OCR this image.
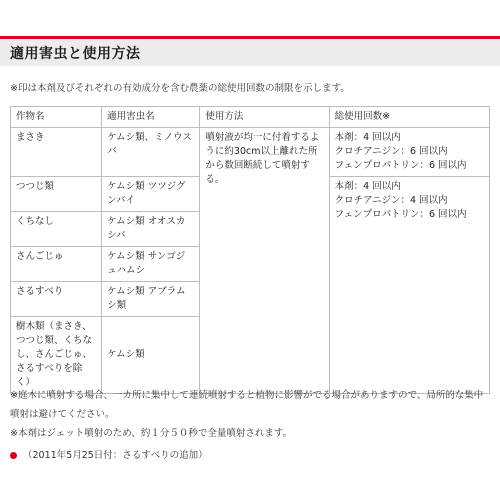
適用害虫と使用方法
※印は本剤及びそれぞれの有効成分を含む農薬の総使用回数の制限を示します。
作物名	適用害虫名	使用方法	総使用回数※
まさき	ケムシ類、ミノウスバ	噴射液が均一に付着するように約30cm以上離れた所から数回断続して噴射する。	本剤：4 回以内
クロチアニジン：6 回以内
フェンプロパトリン：6 回以内

つつじ類	ケムシ類 ツツジグンバイ		本剤：4 回以内
クロチアニジン：4 回以内
フェンプロパトリン：6 回以内

くちなし	ケムシ類 オオスカシバ		
さんごじゅ	ケムシ類 サンゴジュハムシ		
さるすべり	ケムシ類 アブラムシ類		
樹木類（まさき、つつじ類、くちなし、さんごじゅ、さるすべりを除く）	ケムシ類		
※庭木に噴射する場合、一カ所に集中して連続噴射すると植物に影響がでる場合がありますので、局所的な集中噴射は避けてください。
※本剤はジェット噴射のため、約１分５０秒で全量噴射されます。
（2011年5月25日付：さるすべりの追加）
